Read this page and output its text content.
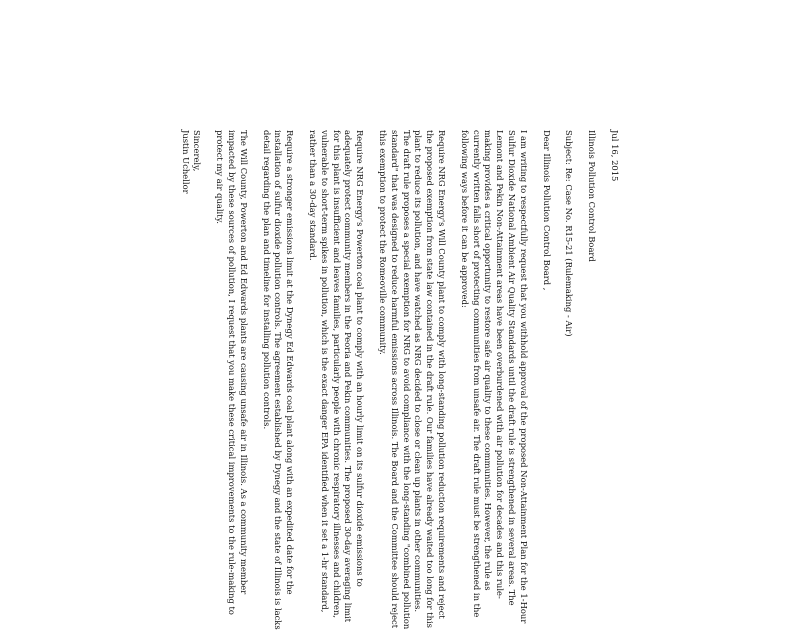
Jul 16, 2015

Illinois Pollution Control Board

Subject: Re: Case No. R15-21 (Rulemaking - Air)

Dear Illinois Pollution Control Board ,

I am writing to respectfully request that you withhold approval of the proposed Non-Attainment Plan for the 1-Hour Sulfur Dioxide National Ambient Air Quality Standards until the draft rule is strengthened in several areas. The Lemont and Pekin Non-Attainment areas have been overburdened with air pollution for decades and this rule-making provides a critical opportunity to restore safe air quality to these communities. However, the rule as currently written falls short of protecting communities from unsafe air. The draft rule must be strengthened in the following ways before it can be approved:

Require NRG Energy's Will County plant to comply with long-standing pollution reduction requirements and reject the proposed exemption from state law contained in the draft rule. Our families have already waited too long for this plant to reduce its pollution, and have watched as NRG decided to close or clean up plants in other communities. The draft rule proposes a special exemption for NRG to avoid compliance with the long-standing "combined pollution standard" that was designed to reduce harmful emissions across Illinois. The Board and the Committee should reject this exemption to protect the Romeoville community.

Require NRG Energy's Powerton coal plant to comply with an hourly limit on its sulfur dioxide emissions to adequately protect community members in the Peoria and Pekin communities. The proposed 30-day averaging limit for this plant is insufficient and leaves families, particularly people with chronic respiratory illnesses and children, vulnerable to short-term spikes in pollution, which is the exact danger EPA identified when it set a 1-hr standard, rather than a 30-day standard.

Require a stronger emissions limit at the Dynegy Ed Edwards coal plant along with an expedited date for the installation of sulfur dioxide pollution controls. The agreement established by Dynegy and the state of Illinois is lacks detail regarding the plan and timeline for installing pollution controls.

The Will County, Powerton and Ed Edwards plants are causing unsafe air in Illinois. As a community member impacted by these sources of pollution, I request that you make these critical improvements to the rule-making to protect my air quality.

Sincerely,

Justin Uchellor
